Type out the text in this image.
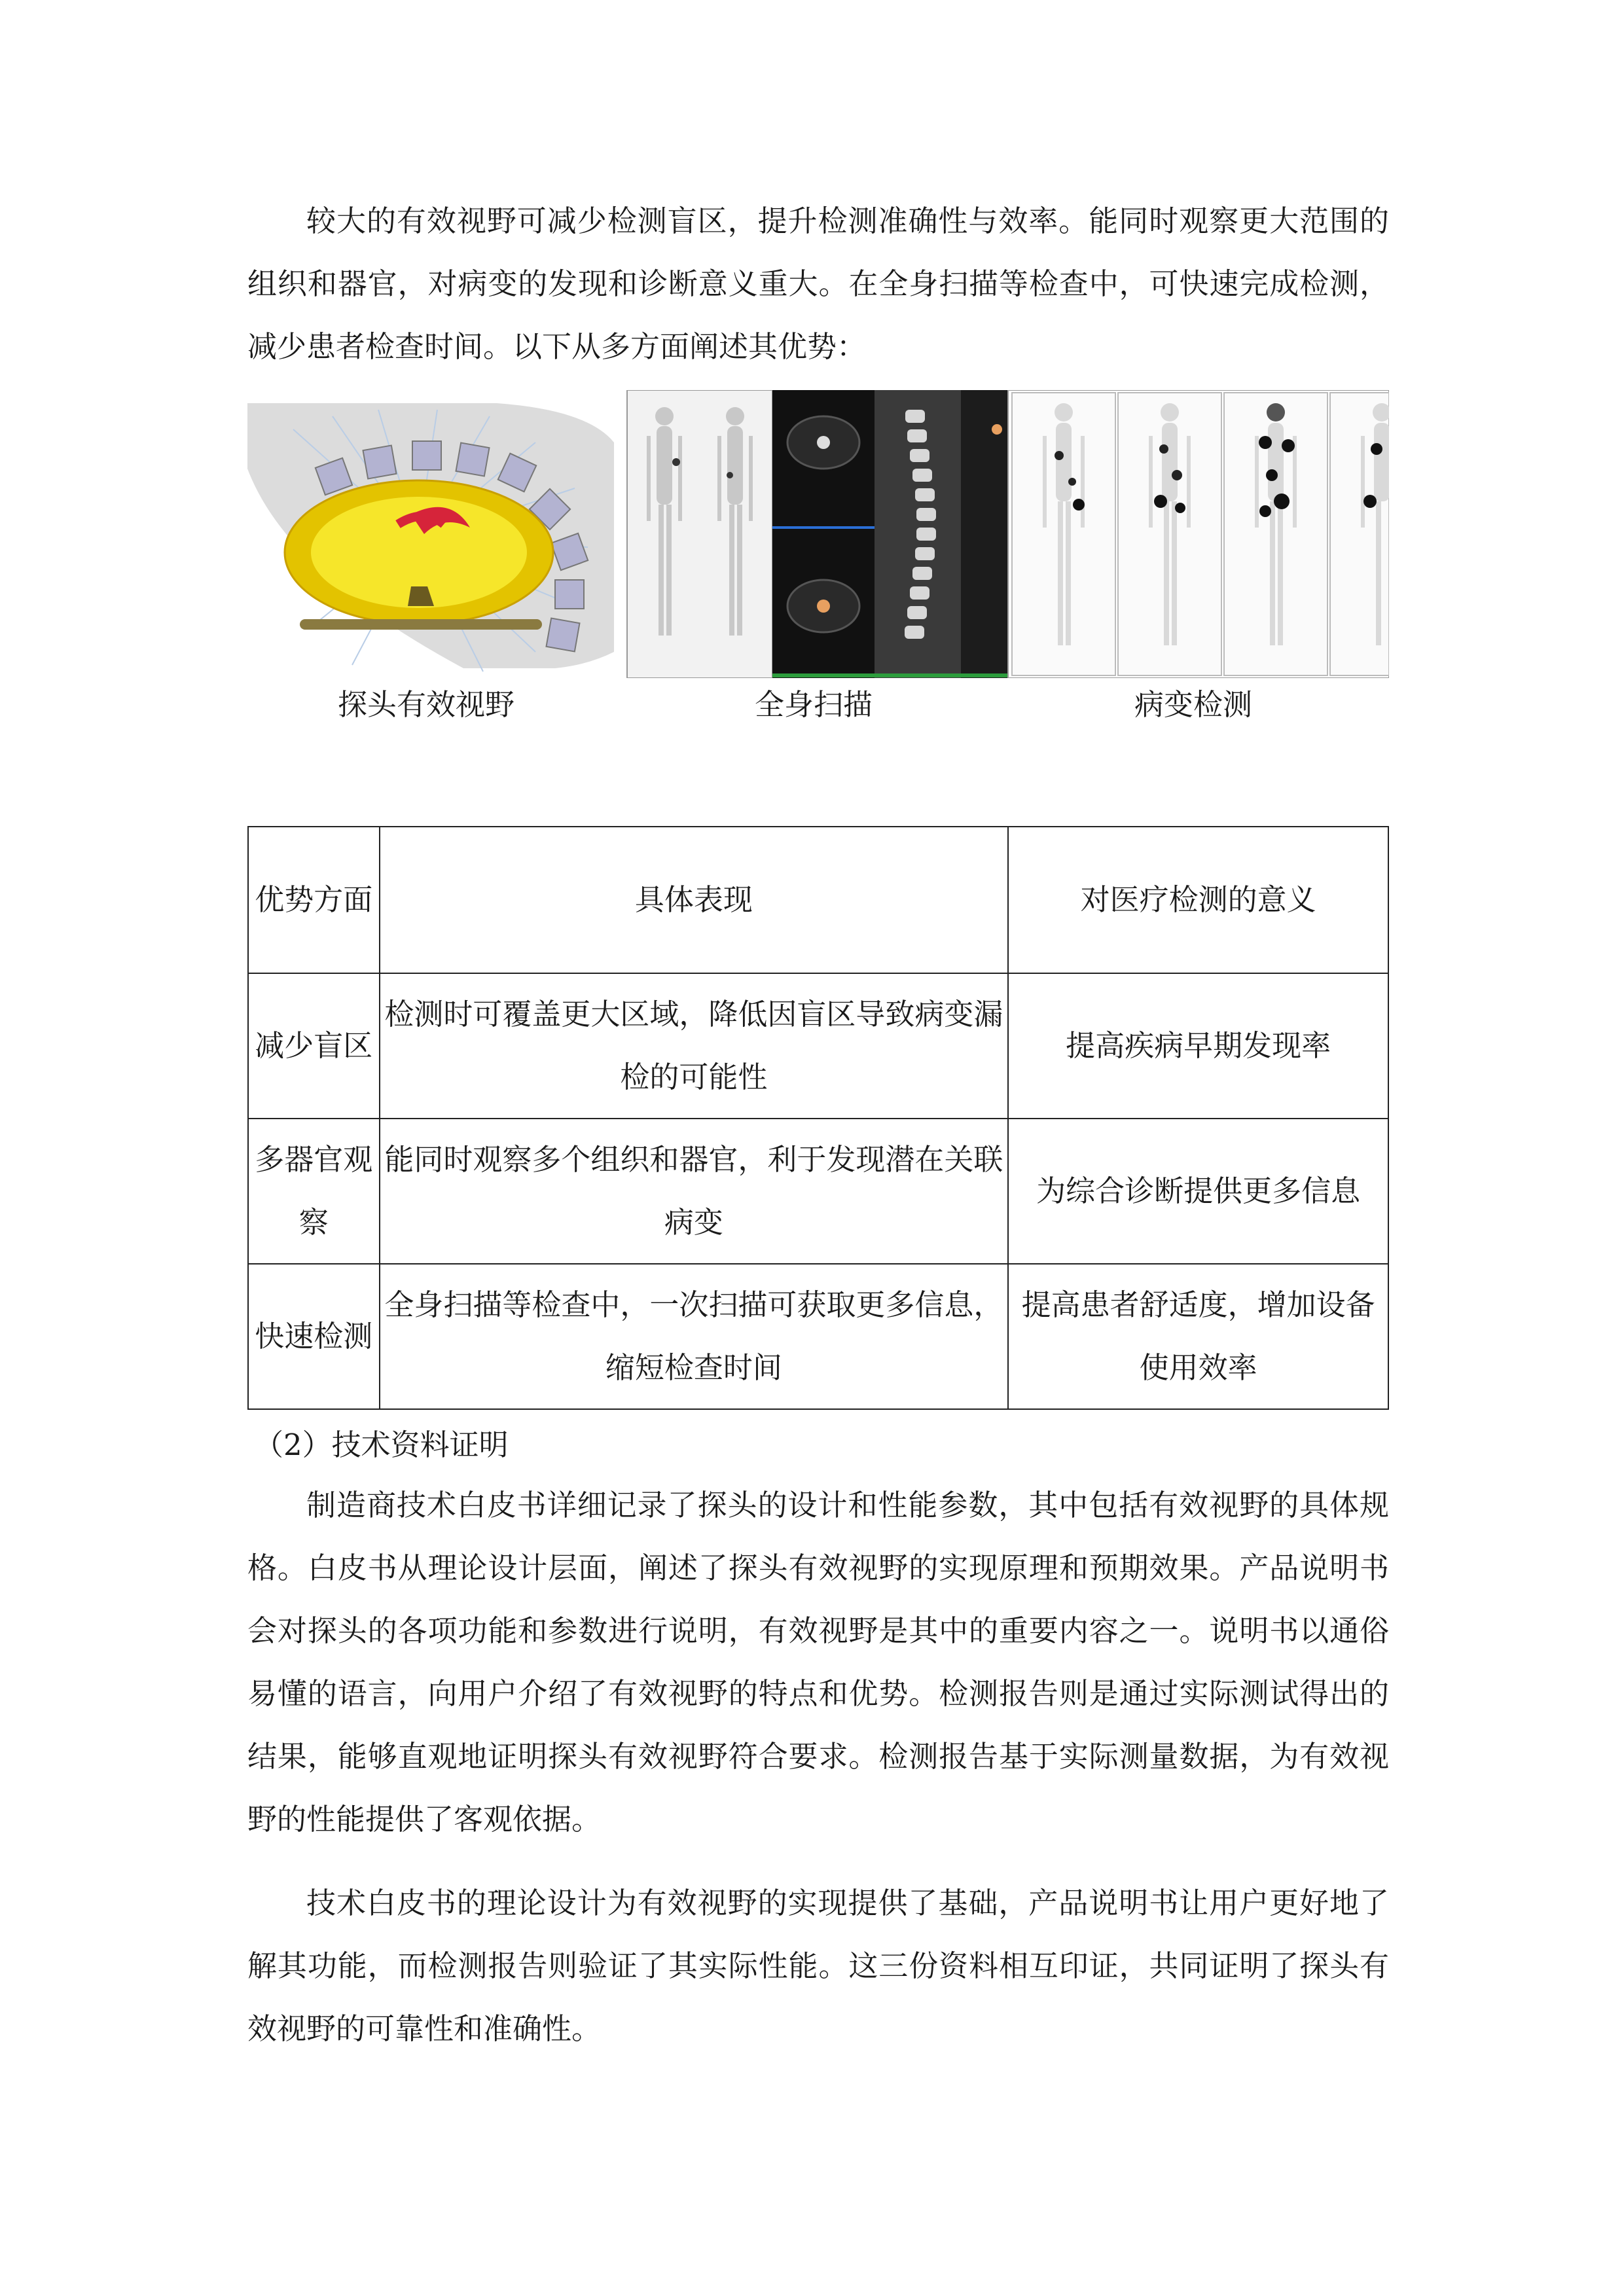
较大的有效视野可减少检测盲区，提升检测准确性与效率。能同时观察更大范围的组织和器官，对病变的发现和诊断意义重大。在全身扫描等检查中，可快速完成检测，减少患者检查时间。以下从多方面阐述其优势：

探头有效视野	全身扫描	病变检测
优势方面	具体表现	对医疗检测的意义
减少盲区	检测时可覆盖更大区域，降低因盲区导致病变漏检的可能性	提高疾病早期发现率
多器官观察	能同时观察多个组织和器官，利于发现潜在关联病变	为综合诊断提供更多信息
快速检测	全身扫描等检查中，一次扫描可获取更多信息，缩短检查时间	提高患者舒适度，增加设备使用效率
（2）技术资料证明

制造商技术白皮书详细记录了探头的设计和性能参数，其中包括有效视野的具体规格。白皮书从理论设计层面，阐述了探头有效视野的实现原理和预期效果。产品说明书会对探头的各项功能和参数进行说明，有效视野是其中的重要内容之一。说明书以通俗易懂的语言，向用户介绍了有效视野的特点和优势。检测报告则是通过实际测试得出的结果，能够直观地证明探头有效视野符合要求。检测报告基于实际测量数据，为有效视野的性能提供了客观依据。

技术白皮书的理论设计为有效视野的实现提供了基础，产品说明书让用户更好地了解其功能，而检测报告则验证了其实际性能。这三份资料相互印证，共同证明了探头有效视野的可靠性和准确性。
